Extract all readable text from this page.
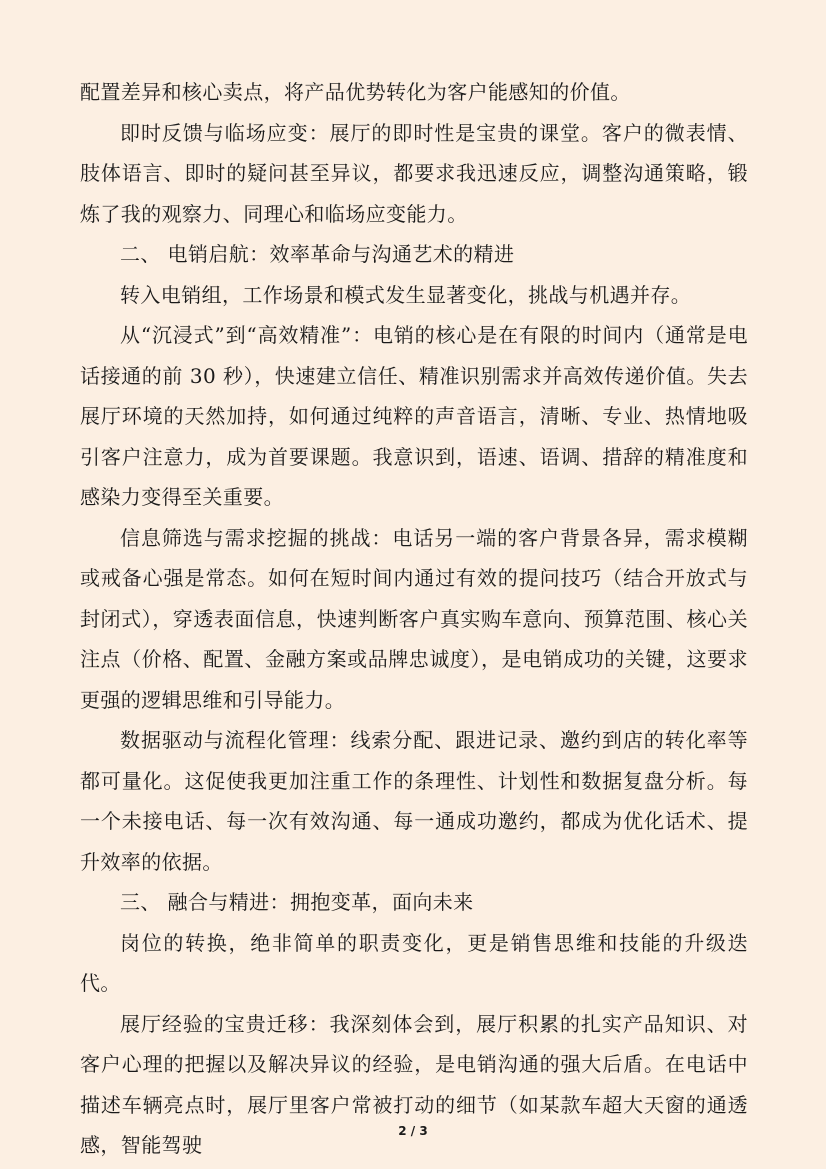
配置差异和核心卖点，将产品优势转化为客户能感知的价值。

即时反馈与临场应变：展厅的即时性是宝贵的课堂。客户的微表情、肢体语言、即时的疑问甚至异议，都要求我迅速反应，调整沟通策略，锻炼了我的观察力、同理心和临场应变能力。

二、 电销启航：效率革命与沟通艺术的精进

转入电销组，工作场景和模式发生显著变化，挑战与机遇并存。

从“沉浸式”到“高效精准”：电销的核心是在有限的时间内（通常是电话接通的前 30 秒），快速建立信任、精准识别需求并高效传递价值。失去展厅环境的天然加持，如何通过纯粹的声音语言，清晰、专业、热情地吸引客户注意力，成为首要课题。我意识到，语速、语调、措辞的精准度和感染力变得至关重要。

信息筛选与需求挖掘的挑战：电话另一端的客户背景各异，需求模糊或戒备心强是常态。如何在短时间内通过有效的提问技巧（结合开放式与封闭式），穿透表面信息，快速判断客户真实购车意向、预算范围、核心关注点（价格、配置、金融方案或品牌忠诚度），是电销成功的关键，这要求更强的逻辑思维和引导能力。

数据驱动与流程化管理：线索分配、跟进记录、邀约到店的转化率等都可量化。这促使我更加注重工作的条理性、计划性和数据复盘分析。每一个未接电话、每一次有效沟通、每一通成功邀约，都成为优化话术、提升效率的依据。

三、 融合与精进：拥抱变革，面向未来

岗位的转换，绝非简单的职责变化，更是销售思维和技能的升级迭代。

展厅经验的宝贵迁移：我深刻体会到，展厅积累的扎实产品知识、对客户心理的把握以及解决异议的经验，是电销沟通的强大后盾。在电话中描述车辆亮点时，展厅里客户常被打动的细节（如某款车超大天窗的通透感，智能驾驶

2 / 3
